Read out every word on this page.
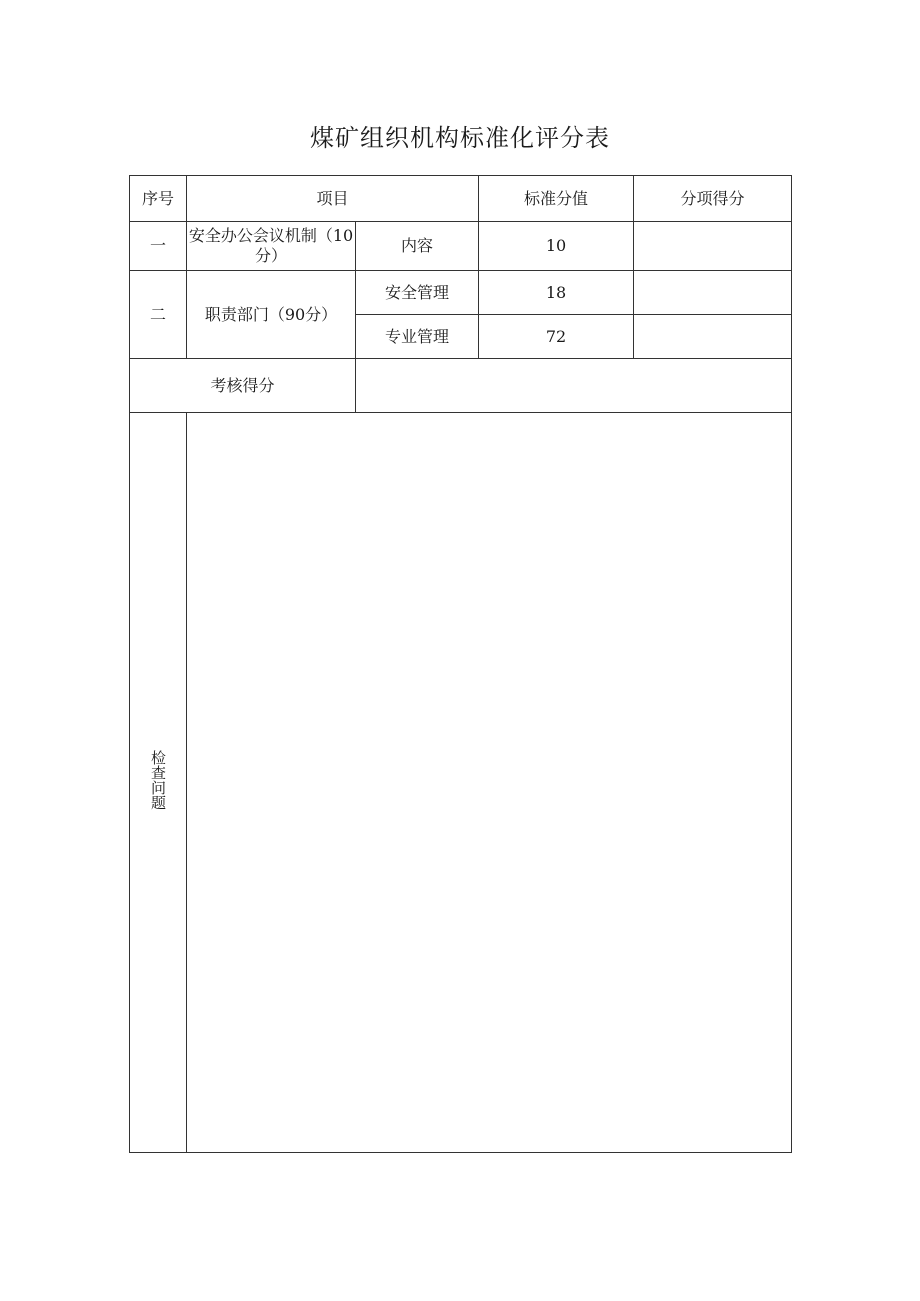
煤矿组织机构标准化评分表
序号	项目		标准分值	分项得分
一	安全办公会议机制（10分）	内容	10	
二	职责部门（90分）	安全管理	18	
		专业管理	72	
考核得分				
检查问题				
